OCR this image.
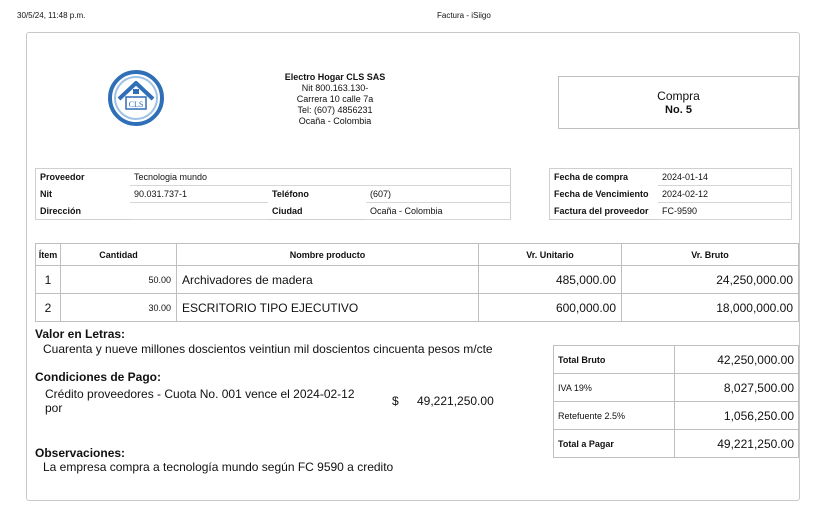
30/5/24, 11:48 p.m.	Factura - iSiigo
CLS
Electro Hogar CLS SAS
Nit 800.163.130-
Carrera 10 calle 7a
Tel: (607) 4856231
Ocaña - Colombia
Compra
No. 5
Proveedor	Tecnologia mundo		
Nit	90.031.737-1	Teléfono	(607)
Dirección		Ciudad	Ocaña - Colombia
Fecha de compra	2024-01-14
Fecha de Vencimiento	2024-02-12
Factura del proveedor	FC-9590
Ítem	Cantidad	Nombre producto	Vr. Unitario	Vr. Bruto
1	50.00	Archivadores de madera	485,000.00	24,250,000.00
2	30.00	ESCRITORIO TIPO EJECUTIVO	600,000.00	18,000,000.00
Valor en Letras:
Cuarenta y nueve millones doscientos veintiun mil doscientos cincuenta pesos m/cte
Condiciones de Pago:
Crédito proveedores - Cuota No. 001 vence el 2024-02-12
por	$ 49,221,250.00
Observaciones:
La empresa compra a tecnología mundo según FC 9590 a credito
Total Bruto	42,250,000.00
IVA 19%	8,027,500.00
Retefuente 2.5%	1,056,250.00
Total a Pagar	49,221,250.00
